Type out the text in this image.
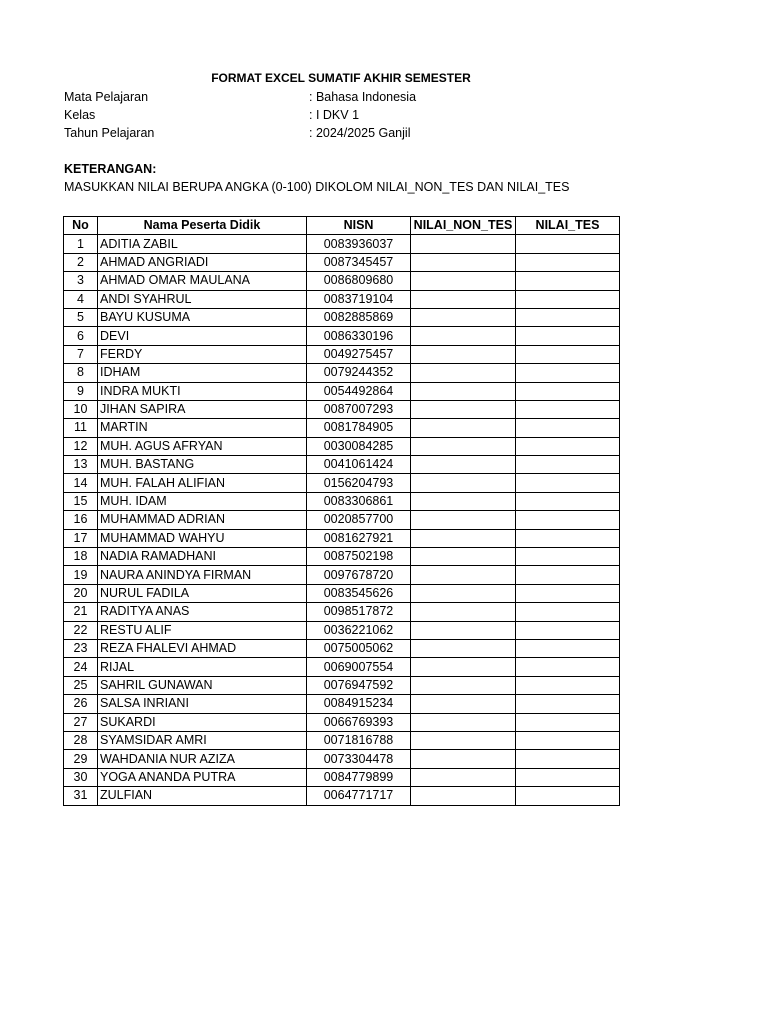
FORMAT EXCEL SUMATIF AKHIR SEMESTER
Mata Pelajaran	: Bahasa Indonesia
Kelas	: I DKV 1
Tahun Pelajaran	: 2024/2025 Ganjil
KETERANGAN:
MASUKKAN NILAI BERUPA ANGKA (0-100) DIKOLOM NILAI_NON_TES DAN NILAI_TES
No	Nama Peserta Didik	NISN	NILAI_NON_TES	NILAI_TES
1	ADITIA ZABIL	0083936037		
2	AHMAD ANGRIADI	0087345457		
3	AHMAD OMAR MAULANA	0086809680		
4	ANDI SYAHRUL	0083719104		
5	BAYU KUSUMA	0082885869		
6	DEVI	0086330196		
7	FERDY	0049275457		
8	IDHAM	0079244352		
9	INDRA MUKTI	0054492864		
10	JIHAN SAPIRA	0087007293		
11	MARTIN	0081784905		
12	MUH. AGUS AFRYAN	0030084285		
13	MUH. BASTANG	0041061424		
14	MUH. FALAH ALIFIAN	0156204793		
15	MUH. IDAM	0083306861		
16	MUHAMMAD ADRIAN	0020857700		
17	MUHAMMAD WAHYU	0081627921		
18	NADIA RAMADHANI	0087502198		
19	NAURA ANINDYA FIRMAN	0097678720		
20	NURUL FADILA	0083545626		
21	RADITYA ANAS	0098517872		
22	RESTU ALIF	0036221062		
23	REZA FHALEVI AHMAD	0075005062		
24	RIJAL	0069007554		
25	SAHRIL GUNAWAN	0076947592		
26	SALSA INRIANI	0084915234		
27	SUKARDI	0066769393		
28	SYAMSIDAR AMRI	0071816788		
29	WAHDANIA NUR AZIZA	0073304478		
30	YOGA ANANDA PUTRA	0084779899		
31	ZULFIAN	0064771717		
